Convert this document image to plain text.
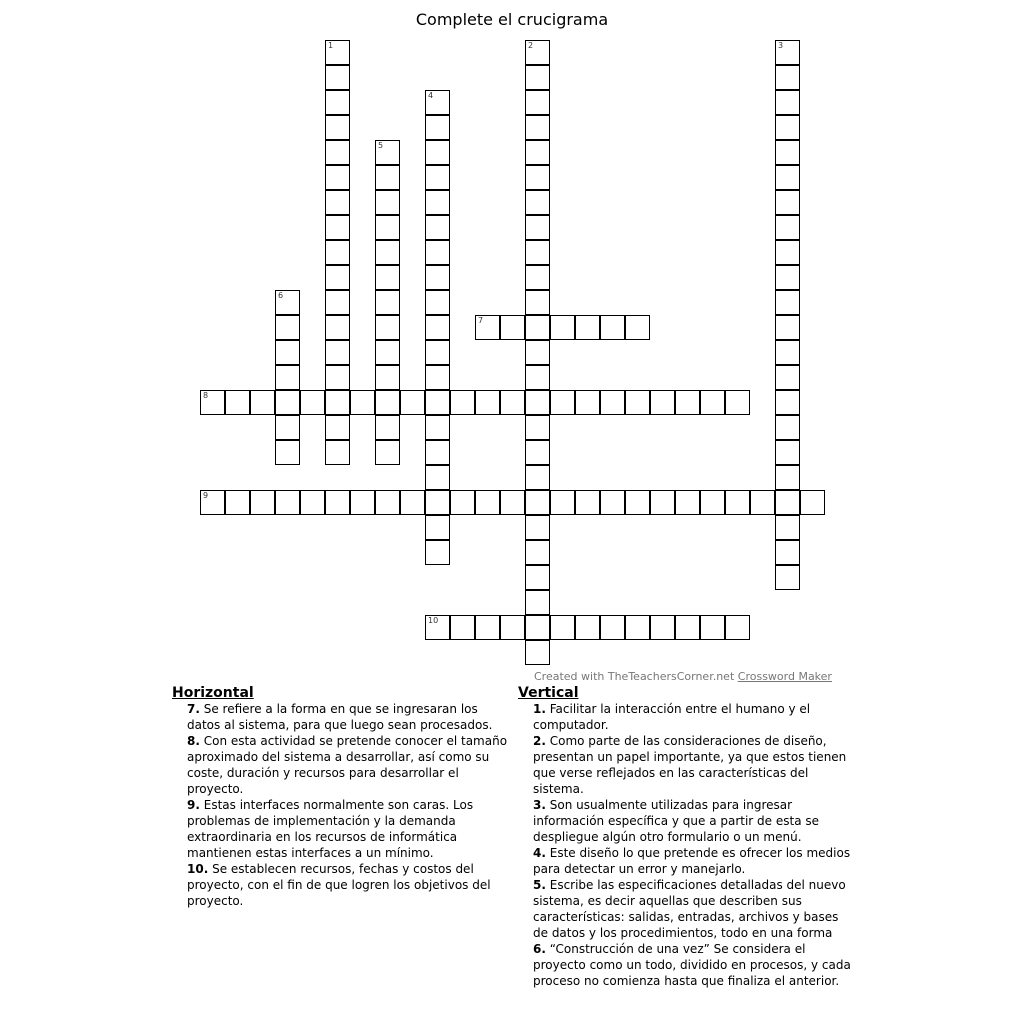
Complete el crucigrama
1	2	3
4
5
6
7
8
9
10
Created with TheTeachersCorner.net Crossword Maker
Horizontal

7. Se refiere a la forma en que se ingresaran los datos al sistema, para que luego sean procesados.

8. Con esta actividad se pretende conocer el tamaño aproximado del sistema a desarrollar, así como su coste, duración y recursos para desarrollar el proyecto.

9. Estas interfaces normalmente son caras. Los problemas de implementación y la demanda extraordinaria en los recursos de informática mantienen estas interfaces a un mínimo.

10. Se establecen recursos, fechas y costos del proyecto, con el fin de que logren los objetivos del proyecto.

Vertical

1. Facilitar la interacción entre el humano y el computador.

2. Como parte de las consideraciones de diseño, presentan un papel importante, ya que estos tienen que verse reflejados en las características del sistema.

3. Son usualmente utilizadas para ingresar información específica y que a partir de esta se despliegue algún otro formulario o un menú.

4. Este diseño lo que pretende es ofrecer los medios para detectar un error y manejarlo.

5. Escribe las especificaciones detalladas del nuevo sistema, es decir aquellas que describen sus características: salidas, entradas, archivos y bases de datos y los procedimientos, todo en una forma

6. “Construcción de una vez” Se considera el proyecto como un todo, dividido en procesos, y cada proceso no comienza hasta que finaliza el anterior.
